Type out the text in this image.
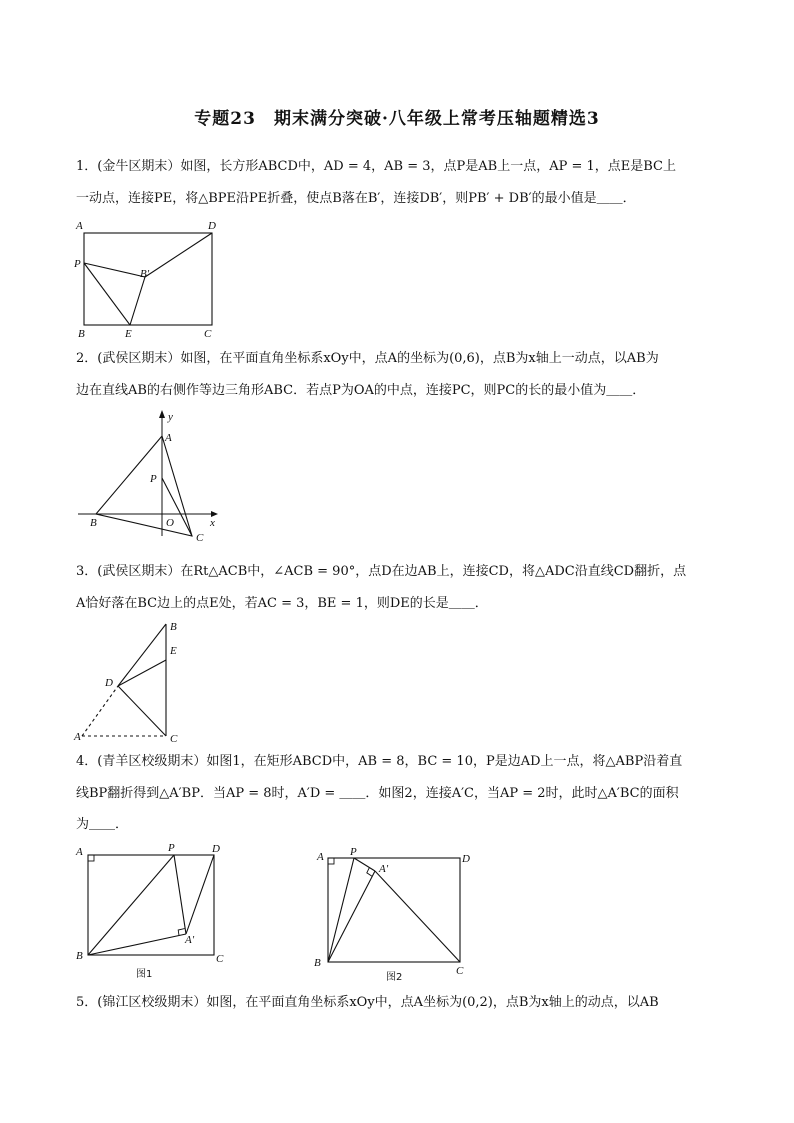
专题23　期末满分突破·八年级上常考压轴题精选3
1．(金牛区期末）如图，长方形ABCD中，AD = 4，AB = 3，点P是AB上一点，AP = 1，点E是BC上
一动点，连接PE，将△BPE沿PE折叠，使点B落在B′，连接DB′，则PB′ + DB′的最小值是＿＿．
A	D
P
B′
B	E	C
2．(武侯区期末）如图，在平面直角坐标系xOy中，点A的坐标为(0,6)，点B为x轴上一动点，以AB为
边在直线AB的右侧作等边三角形ABC．若点P为OA的中点，连接PC，则PC的长的最小值为＿＿．
y
A
P
B	O	x
C
3．(武侯区期末）在Rt△ACB中，∠ACB = 90°，点D在边AB上，连接CD，将△ADC沿直线CD翻折，点
A恰好落在BC边上的点E处，若AC = 3，BE = 1，则DE的长是＿＿．
B
E
D
A	C
4．(青羊区校级期末）如图1，在矩形ABCD中，AB = 8，BC = 10，P是边AD上一点，将△ABP沿着直
线BP翻折得到△A′BP．当AP = 8时，A′D = ＿＿．如图2，连接A′C，当AP = 2时，此时△A′BC的面积
为＿＿．
A	P	D
B
A′
C
图1
A P
A′
D
B
C
图2
5．(锦江区校级期末）如图，在平面直角坐标系xOy中，点A坐标为(0,2)，点B为x轴上的动点，以AB
